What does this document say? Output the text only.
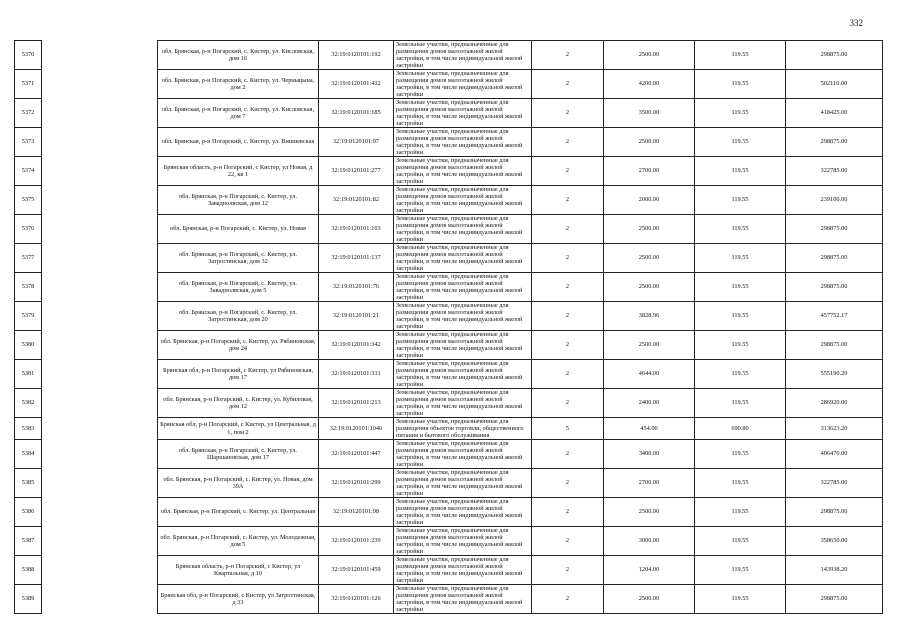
332
5370		обл. Брянская, р-н Погарский, с. Кистер, ул. Кисловская, дом 16	32:19:0120101:192	Земельные участки, предназначенные для размещения домов малоэтажной жилой застройки, в том числе индивидуальной жилой застройки	2	2500.00	119.55	298875.00
5371		обл. Брянская, р-н Погарский, с. Кистер, ул. Черныцына, дом 2	32:19:0120101:432	Земельные участки, предназначенные для размещения домов малоэтажной жилой застройки, в том числе индивидуальной жилой застройки	2	4200.00	119.55	502110.00
5372		обл. Брянская, р-н Погарский, с. Кистер, ул. Кисловская, дом 7	32:19:0120101:185	Земельные участки, предназначенные для размещения домов малоэтажной жилой застройки, в том числе индивидуальной жилой застройки	2	3500.00	119.55	418425.00
5373		обл. Брянская, р-н Погарский, с. Кистер, ул. Вишневская	32:19:0120101:97	Земельные участки, предназначенные для размещения домов малоэтажной жилой застройки, в том числе индивидуальной жилой застройки	2	2500.00	119.55	298875.00
5374		Брянская область, р-н Погарский, с Кистер, ул Новая, д 22, кв 1	32:19:0120101:277	Земельные участки, предназначенные для размещения домов малоэтажной жилой застройки, в том числе индивидуальной жилой застройки	2	2700.00	119.55	322785.00
5375		обл. Брянская, р-н Погарский, с. Кистер, ул. Заваднолвская, дом 12	32:19:0120101:82	Земельные участки, предназначенные для размещения домов малоэтажной жилой застройки, в том числе индивидуальной жилой застройки	2	2000.00	119.55	239100.00
5376		обл. Брянская, р-н Погарский, с. Кистер, ул. Новая	32:19:0120101:103	Земельные участки, предназначенные для размещения домов малоэтажной жилой застройки, в том числе индивидуальной жилой застройки	2	2500.00	119.55	298875.00
5377		обл. Брянская, р-н Погарский, с. Кистер, ул. Затростянская, дом 32	32:19:0120101:137	Земельные участки, предназначенные для размещения домов малоэтажной жилой застройки, в том числе индивидуальной жилой застройки	2	2500.00	119.55	298875.00
5378		обл. Брянская, р-н Погарский, с. Кистер, ул. Заваднолвская, дом 5	32:19:0120101:76	Земельные участки, предназначенные для размещения домов малоэтажной жилой застройки, в том числе индивидуальной жилой застройки	2	2500.00	119.55	298875.00
5379		обл. Брянская, р-н Погарский, с. Кистер, ул. Затростянская, дом 20	32:19:0120101:21	Земельные участки, предназначенные для размещения домов малоэтажной жилой застройки, в том числе индивидуальной жилой застройки	2	3828.96	119.55	457752.17
5380		обл. Брянская, р-н Погарский, с. Кистер, ул. Рябиновская, дом 24	32:19:0120101:342	Земельные участки, предназначенные для размещения домов малоэтажной жилой застройки, в том числе индивидуальной жилой застройки	2	2500.00	119.55	298875.00
5381		Брянская обл, р-н Погарский, с Кистер, ул Рябиновская, дом 17	32:19:0120101:331	Земельные участки, предназначенные для размещения домов малоэтажной жилой застройки, в том числе индивидуальной жилой застройки	2	4644.00	119.55	555190.20
5382		обл. Брянская, р-н Погарский, с. Кистер, ул. Кубиловая, дом 12	32:19:0120101:213	Земельные участки, предназначенные для размещения домов малоэтажной жилой застройки, в том числе индивидуальной жилой застройки	2	2400.00	119.55	286920.00
5383		Брянская обл, р-н Погарский, с Кистер, ул Центральная, д 1, пом 2	32:19:0120101:1046	Земельные участки, предназначенные для размещения объектов торговли, общественного питания и бытового обслуживания	5	454.00	690.80	313623.20
5384		обл. Брянская, р-н Погарский, с. Кистер, ул. Шаршановская, дом 17	32:19:0120101:447	Земельные участки, предназначенные для размещения домов малоэтажной жилой застройки, в том числе индивидуальной жилой застройки	2	3400.00	119.55	406470.00
5385		обл. Брянская, р-н Погарский, с. Кистер, ул. Новая, дом 39А	32:19:0120101:299	Земельные участки, предназначенные для размещения домов малоэтажной жилой застройки, в том числе индивидуальной жилой застройки	2	2700.00	119.55	322785.00
5386		обл. Брянская, р-н Погарский, с. Кистер, ул. Центральная	32:19:0120101:98	Земельные участки, предназначенные для размещения домов малоэтажной жилой застройки, в том числе индивидуальной жилой застройки	2	2500.00	119.55	298875.00
5387		обл. Брянская, р-н Погарский, с. Кистер, ул. Молодежная, дом 5	32:19:0120101:239	Земельные участки, предназначенные для размещения домов малоэтажной жилой застройки, в том числе индивидуальной жилой застройки	2	3000.00	119.55	358650.00
5388		Брянская область, р-н Погарский, с Кистер, ул Квартальная, д 10	32:19:0120101:459	Земельные участки, предназначенные для размещения домов малоэтажной жилой застройки, в том числе индивидуальной жилой застройки	2	1204.00	119.55	143938.20
5389		Брянская обл, р-н Погарский, с Кистер, ул Затростянская, д 33	32:19:0120101:126	Земельные участки, предназначенные для размещения домов малоэтажной жилой застройки, в том числе индивидуальной жилой застройки	2	2500.00	119.55	298875.00
